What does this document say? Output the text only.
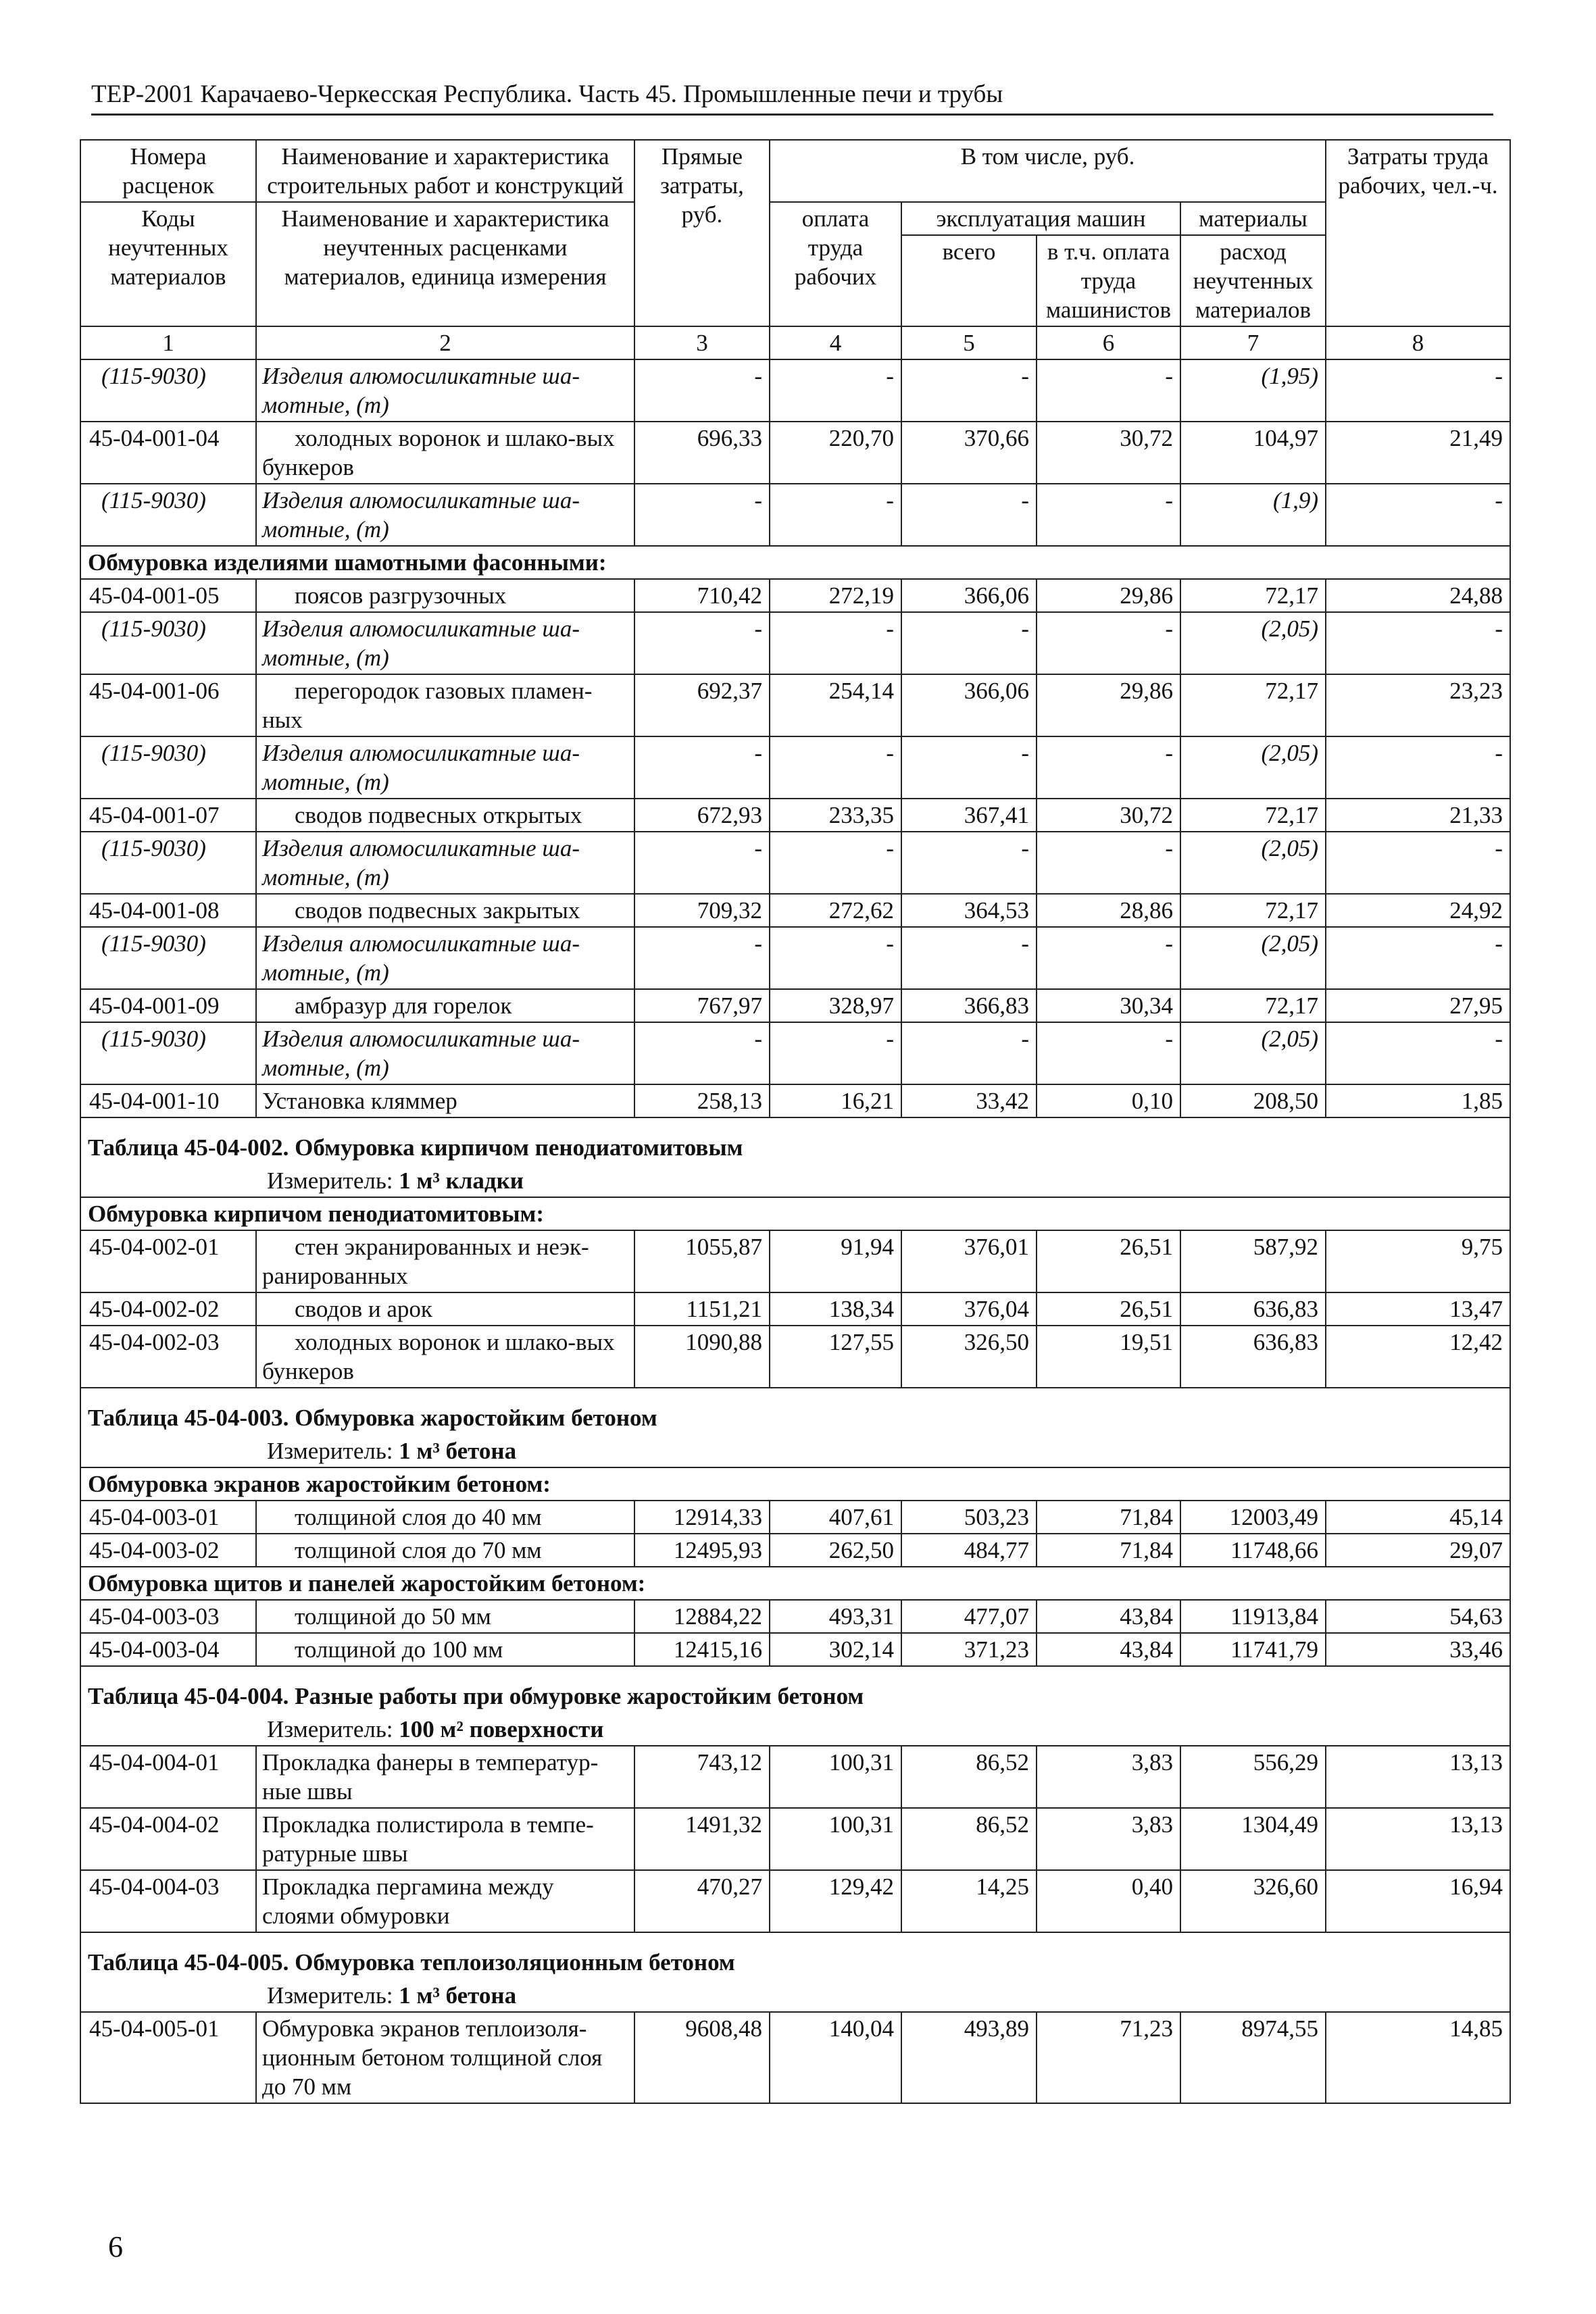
ТЕР-2001 Карачаево-Черкесская Республика. Часть 45. Промышленные печи и трубы
Номера расценок	Наименование и характеристика строительных работ и конструкций	Прямые затраты, руб.	В том числе, руб.				Затраты труда рабочих, чел.-ч.
Коды неучтенных материалов	Наименование и характеристика неучтенных расценками материалов, единица измерения		оплата труда рабочих	эксплуатация машин		материалы	
				всего	в т.ч. оплата труда машинистов	расход неучтенных материалов	
1	2	3	4	5	6	7	8
(115-9030)	Изделия алюмосиликатные ша-мотные, (т)	-	-	-	-	(1,95)	-
45-04-001-04	холодных воронок и шлако-вых бункеров	696,33	220,70	370,66	30,72	104,97	21,49
(115-9030)	Изделия алюмосиликатные ша-мотные, (т)	-	-	-	-	(1,9)	-
Обмуровка изделиями шамотными фасонными:							
45-04-001-05	поясов разгрузочных	710,42	272,19	366,06	29,86	72,17	24,88
(115-9030)	Изделия алюмосиликатные ша-мотные, (т)	-	-	-	-	(2,05)	-
45-04-001-06	перегородок газовых пламен-ных	692,37	254,14	366,06	29,86	72,17	23,23
(115-9030)	Изделия алюмосиликатные ша-мотные, (т)	-	-	-	-	(2,05)	-
45-04-001-07	сводов подвесных открытых	672,93	233,35	367,41	30,72	72,17	21,33
(115-9030)	Изделия алюмосиликатные ша-мотные, (т)	-	-	-	-	(2,05)	-
45-04-001-08	сводов подвесных закрытых	709,32	272,62	364,53	28,86	72,17	24,92
(115-9030)	Изделия алюмосиликатные ша-мотные, (т)	-	-	-	-	(2,05)	-
45-04-001-09	амбразур для горелок	767,97	328,97	366,83	30,34	72,17	27,95
(115-9030)	Изделия алюмосиликатные ша-мотные, (т)	-	-	-	-	(2,05)	-
45-04-001-10	Установка кляммер	258,13	16,21	33,42	0,10	208,50	1,85
Таблица 45-04-002. Обмуровка кирпичом пенодиатомитовым							
Измеритель: 1 м³ кладки							
Обмуровка кирпичом пенодиатомитовым:							
45-04-002-01	стен экранированных и неэк-ранированных	1055,87	91,94	376,01	26,51	587,92	9,75
45-04-002-02	сводов и арок	1151,21	138,34	376,04	26,51	636,83	13,47
45-04-002-03	холодных воронок и шлако-вых бункеров	1090,88	127,55	326,50	19,51	636,83	12,42
Таблица 45-04-003. Обмуровка жаростойким бетоном							
Измеритель: 1 м³ бетона							
Обмуровка экранов жаростойким бетоном:							
45-04-003-01	толщиной слоя до 40 мм	12914,33	407,61	503,23	71,84	12003,49	45,14
45-04-003-02	толщиной слоя до 70 мм	12495,93	262,50	484,77	71,84	11748,66	29,07
Обмуровка щитов и панелей жаростойким бетоном:							
45-04-003-03	толщиной до 50 мм	12884,22	493,31	477,07	43,84	11913,84	54,63
45-04-003-04	толщиной до 100 мм	12415,16	302,14	371,23	43,84	11741,79	33,46
Таблица 45-04-004. Разные работы при обмуровке жаростойким бетоном							
Измеритель: 100 м² поверхности							
45-04-004-01	Прокладка фанеры в температур-ные швы	743,12	100,31	86,52	3,83	556,29	13,13
45-04-004-02	Прокладка полистирола в темпе-ратурные швы	1491,32	100,31	86,52	3,83	1304,49	13,13
45-04-004-03	Прокладка пергамина между слоями обмуровки	470,27	129,42	14,25	0,40	326,60	16,94
Таблица 45-04-005. Обмуровка теплоизоляционным бетоном							
Измеритель: 1 м³ бетона							
45-04-005-01	Обмуровка экранов теплоизоля-ционным бетоном толщиной слоя до 70 мм	9608,48	140,04	493,89	71,23	8974,55	14,85
6
